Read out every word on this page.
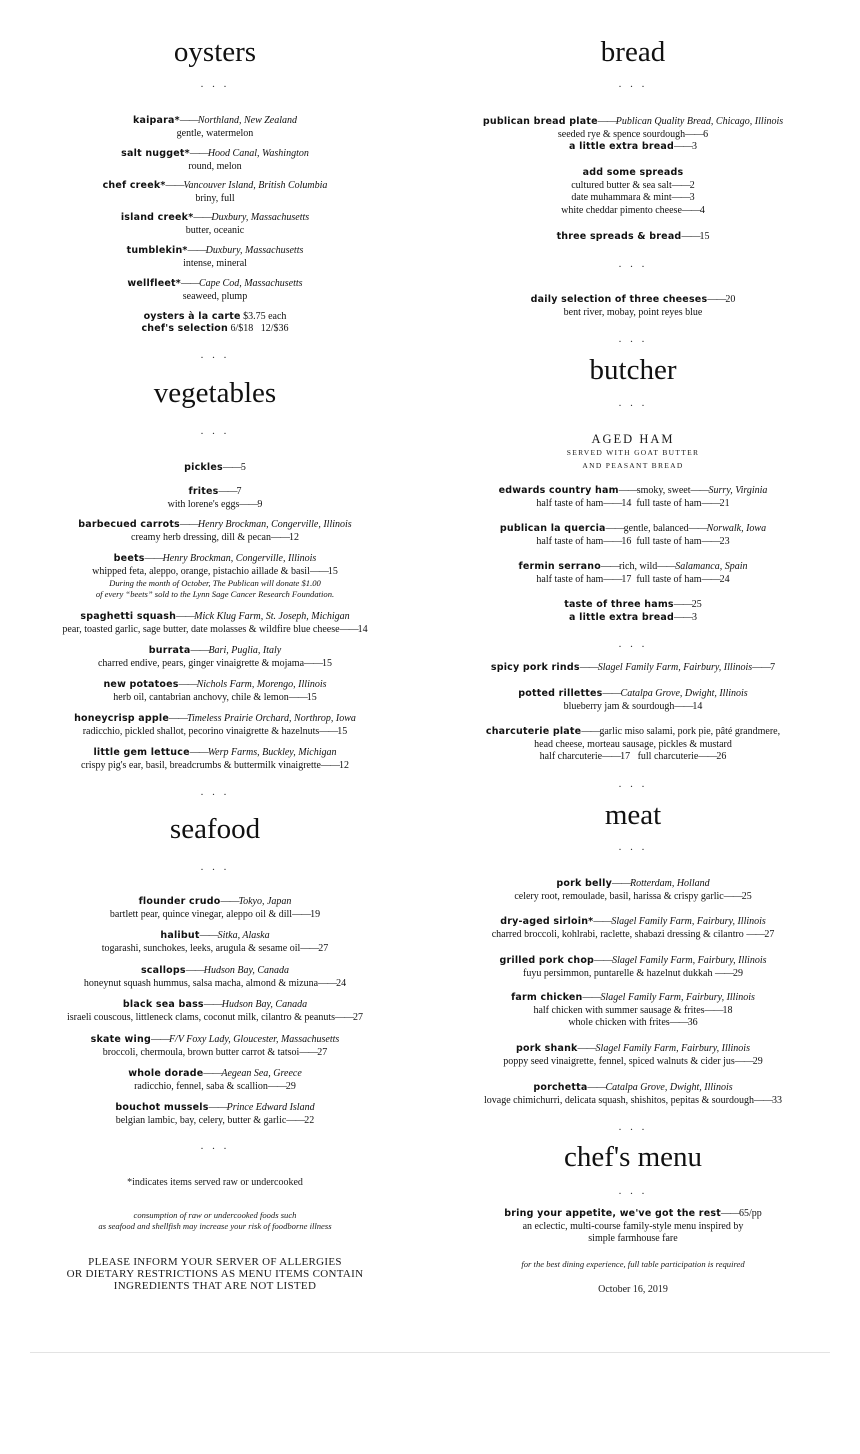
oysters
. . .
kaipara*——Northland, New Zealand
gentle, watermelon
salt nugget*——Hood Canal, Washington
round, melon
chef creek*——Vancouver Island, British Columbia
briny, full
island creek*——Duxbury, Massachusetts
butter, oceanic
tumblekin*——Duxbury, Massachusetts
intense, mineral
wellfleet*——Cape Cod, Massachusetts
seaweed, plump
oysters à la carte $3.75 each
chef's selection 6/$18   12/$36
. . .
vegetables
. . .
pickles——5
frites——7
with lorene's eggs——9
barbecued carrots——Henry Brockman, Congerville, Illinois
creamy herb dressing, dill & pecan——12
beets——Henry Brockman, Congerville, Illinois
whipped feta, aleppo, orange, pistachio aillade & basil——15
During the month of October, The Publican will donate $1.00
of every “beets” sold to the Lynn Sage Cancer Research Foundation.
spaghetti squash——Mick Klug Farm, St. Joseph, Michigan
pear, toasted garlic, sage butter, date molasses & wildfire blue cheese——14
burrata——Bari, Puglia, Italy
charred endive, pears, ginger vinaigrette & mojama——15
new potatoes——Nichols Farm, Morengo, Illinois
herb oil, cantabrian anchovy, chile & lemon——15
honeycrisp apple——Timeless Prairie Orchard, Northrop, Iowa
radicchio, pickled shallot, pecorino vinaigrette & hazelnuts——15
little gem lettuce——Werp Farms, Buckley, Michigan
crispy pig's ear, basil, breadcrumbs & buttermilk vinaigrette——12
. . .
seafood
. . .
flounder crudo——Tokyo, Japan
bartlett pear, quince vinegar, aleppo oil & dill——19
halibut——Sitka, Alaska
togarashi, sunchokes, leeks, arugula & sesame oil——27
scallops——Hudson Bay, Canada
honeynut squash hummus, salsa macha, almond & mizuna——24
black sea bass——Hudson Bay, Canada
israeli couscous, littleneck clams, coconut milk, cilantro & peanuts——27
skate wing——F/V Foxy Lady, Gloucester, Massachusetts
broccoli, chermoula, brown butter carrot & tatsoi——27
whole dorade——Aegean Sea, Greece
radicchio, fennel, saba & scallion——29
bouchot mussels——Prince Edward Island
belgian lambic, bay, celery, butter & garlic——22
. . .
*indicates items served raw or undercooked
consumption of raw or undercooked foods such
as seafood and shellfish may increase your risk of foodborne illness
PLEASE INFORM YOUR SERVER OF ALLERGIES
OR DIETARY RESTRICTIONS AS MENU ITEMS CONTAIN
INGREDIENTS THAT ARE NOT LISTED
bread
. . .
publican bread plate——Publican Quality Bread, Chicago, Illinois
seeded rye & spence sourdough——6
a little extra bread——3
add some spreads
cultured butter & sea salt——2
date muhammara & mint——3
white cheddar pimento cheese——4
three spreads & bread——15
. . .
daily selection of three cheeses——20
bent river, mobay, point reyes blue
. . .
butcher
. . .
AGED HAM
SERVED WITH GOAT BUTTER
AND PEASANT BREAD
edwards country ham——smoky, sweet——Surry, Virginia
half taste of ham——14 full taste of ham——21
publican la quercia——gentle, balanced——Norwalk, Iowa
half taste of ham——16 full taste of ham——23
fermin serrano——rich, wild——Salamanca, Spain
half taste of ham——17 full taste of ham——24
taste of three hams——25
a little extra bread——3
. . .
spicy pork rinds——Slagel Family Farm, Fairbury, Illinois——7
potted rillettes——Catalpa Grove, Dwight, Illinois
blueberry jam & sourdough——14
charcuterie plate——garlic miso salami, pork pie, pâté grandmere,
head cheese, morteau sausage, pickles & mustard
half charcuterie——17 full charcuterie——26
. . .
meat
. . .
pork belly——Rotterdam, Holland
celery root, remoulade, basil, harissa & crispy garlic——25
dry-aged sirloin*——Slagel Family Farm, Fairbury, Illinois
charred broccoli, kohlrabi, raclette, shabazi dressing & cilantro ——27
grilled pork chop——Slagel Family Farm, Fairbury, Illinois
fuyu persimmon, puntarelle & hazelnut dukkah ——29
pork shank——Slagel Family Farm, Fairbury, Illinois
poppy seed vinaigrette, fennel, spiced walnuts & cider jus——29
porchetta——Catalpa Grove, Dwight, Illinois
lovage chimichurri, delicata squash, shishitos, pepitas & sourdough——33
farm chicken——Slagel Family Farm, Fairbury, Illinois
half chicken with summer sausage & frites——18
whole chicken with frites——36
. . .
chef's menu
. . .
bring your appetite, we've got the rest——65/pp
an eclectic, multi-course family-style menu inspired by
simple farmhouse fare
for the best dining experience, full table participation is required
October 16, 2019
